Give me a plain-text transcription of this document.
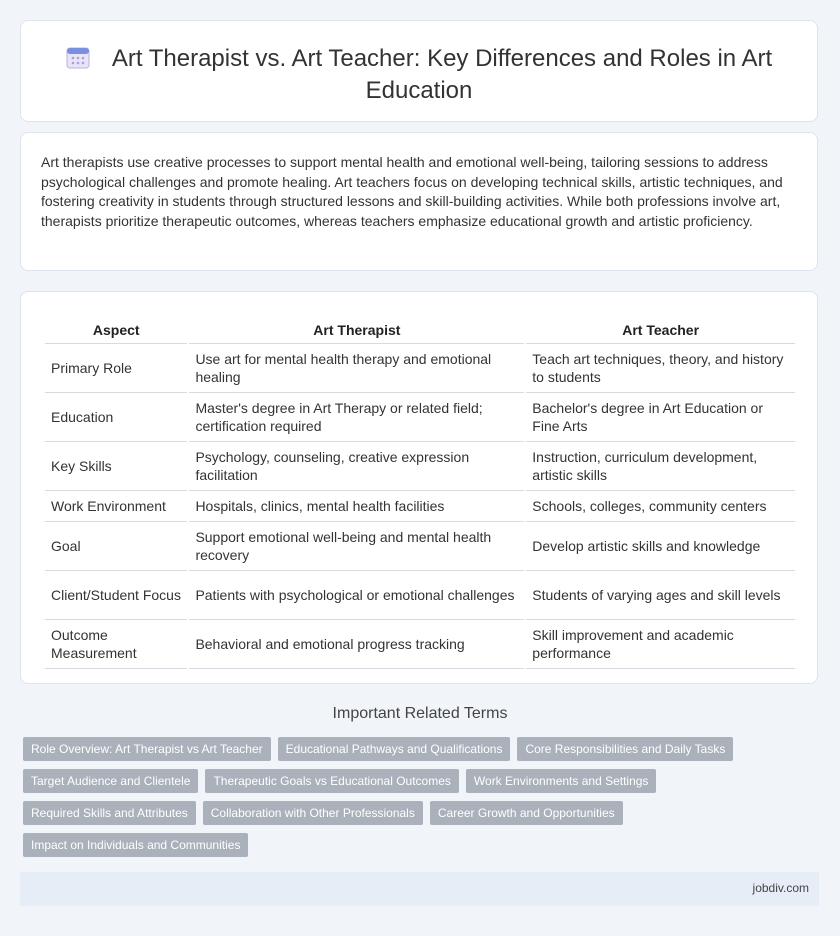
Art Therapist vs. Art Teacher: Key Differences and Roles in Art Education

Art therapists use creative processes to support mental health and emotional well-being, tailoring sessions to address psychological challenges and promote healing. Art teachers focus on developing technical skills, artistic techniques, and fostering creativity in students through structured lessons and skill-building activities. While both professions involve art, therapists prioritize therapeutic outcomes, whereas teachers emphasize educational growth and artistic proficiency.

Aspect	Art Therapist	Art Teacher
Primary Role	Use art for mental health therapy and emotional healing	Teach art techniques, theory, and history to students
Education	Master's degree in Art Therapy or related field; certification required	Bachelor's degree in Art Education or Fine Arts
Key Skills	Psychology, counseling, creative expression facilitation	Instruction, curriculum development, artistic skills
Work Environment	Hospitals, clinics, mental health facilities	Schools, colleges, community centers
Goal	Support emotional well-being and mental health recovery	Develop artistic skills and knowledge
Client/Student Focus	Patients with psychological or emotional challenges	Students of varying ages and skill levels
Outcome Measurement	Behavioral and emotional progress tracking	Skill improvement and academic performance
Important Related Terms
Role Overview: Art Therapist vs Art Teacher	Educational Pathways and Qualifications	Core Responsibilities and Daily Tasks
Target Audience and Clientele	Therapeutic Goals vs Educational Outcomes	Work Environments and Settings
Required Skills and Attributes	Collaboration with Other Professionals	Career Growth and Opportunities
Impact on Individuals and Communities
jobdiv.com
